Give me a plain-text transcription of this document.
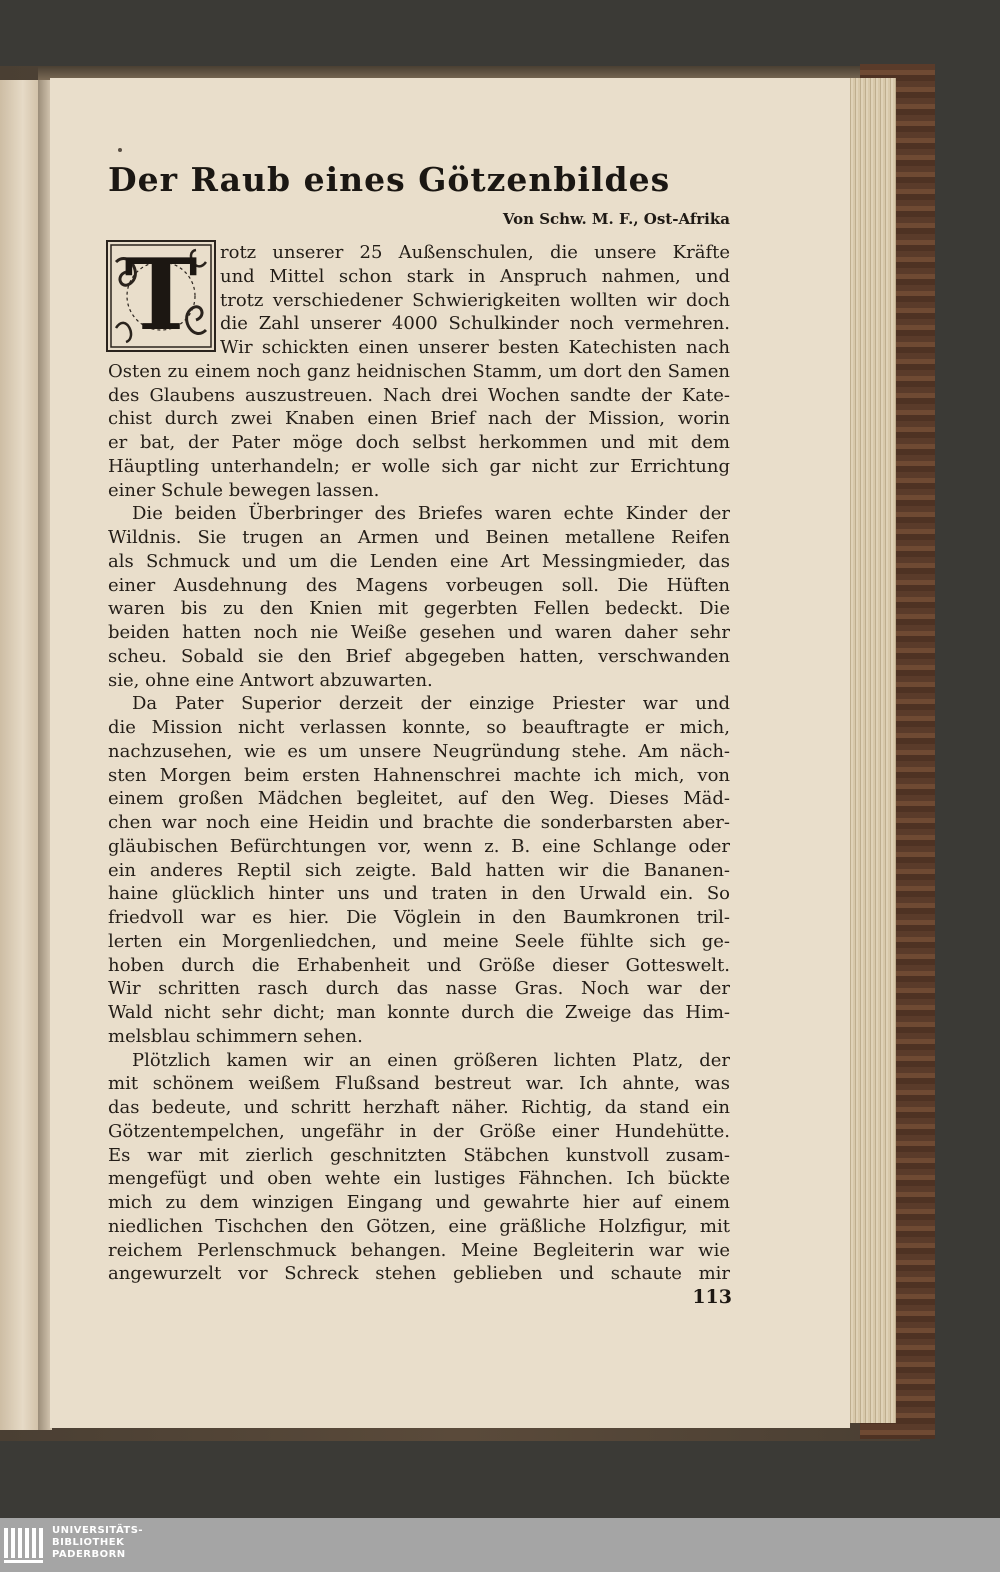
Der Raub eines Götzenbildes
Von Schw. M. F., Ost-Afrika
T	rotz unserer 25 Außenschulen, die unsere Kräfte
und Mittel schon stark in Anspruch nahmen, und
trotz verschiedener Schwierigkeiten wollten wir doch
die Zahl unserer 4000 Schulkinder noch vermehren.
Wir schickten einen unserer besten Katechisten nach
Osten zu einem noch ganz heidnischen Stamm, um dort den Samen
des Glaubens auszustreuen. Nach drei Wochen sandte der Kate-
chist durch zwei Knaben einen Brief nach der Mission, worin
er bat, der Pater möge doch selbst herkommen und mit dem
Häuptling unterhandeln; er wolle sich gar nicht zur Errichtung
einer Schule bewegen lassen.
Die beiden Überbringer des Briefes waren echte Kinder der
Wildnis. Sie trugen an Armen und Beinen metallene Reifen
als Schmuck und um die Lenden eine Art Messingmieder, das
einer Ausdehnung des Magens vorbeugen soll. Die Hüften
waren bis zu den Knien mit gegerbten Fellen bedeckt. Die
beiden hatten noch nie Weiße gesehen und waren daher sehr
scheu. Sobald sie den Brief abgegeben hatten, verschwanden
sie, ohne eine Antwort abzuwarten.
Da Pater Superior derzeit der einzige Priester war und
die Mission nicht verlassen konnte, so beauftragte er mich,
nachzusehen, wie es um unsere Neugründung stehe. Am näch-
sten Morgen beim ersten Hahnenschrei machte ich mich, von
einem großen Mädchen begleitet, auf den Weg. Dieses Mäd-
chen war noch eine Heidin und brachte die sonderbarsten aber-
gläubischen Befürchtungen vor, wenn z. B. eine Schlange oder
ein anderes Reptil sich zeigte. Bald hatten wir die Bananen-
haine glücklich hinter uns und traten in den Urwald ein. So
friedvoll war es hier. Die Vöglein in den Baumkronen tril-
lerten ein Morgenliedchen, und meine Seele fühlte sich ge-
hoben durch die Erhabenheit und Größe dieser Gotteswelt.
Wir schritten rasch durch das nasse Gras. Noch war der
Wald nicht sehr dicht; man konnte durch die Zweige das Him-
melsblau schimmern sehen.
Plötzlich kamen wir an einen größeren lichten Platz, der
mit schönem weißem Flußsand bestreut war. Ich ahnte, was
das bedeute, und schritt herzhaft näher. Richtig, da stand ein
Götzentempelchen, ungefähr in der Größe einer Hundehütte.
Es war mit zierlich geschnitzten Stäbchen kunstvoll zusam-
mengefügt und oben wehte ein lustiges Fähnchen. Ich bückte
mich zu dem winzigen Eingang und gewahrte hier auf einem
niedlichen Tischchen den Götzen, eine gräßliche Holzfigur, mit
reichem Perlenschmuck behangen. Meine Begleiterin war wie
angewurzelt vor Schreck stehen geblieben und schaute mir
113
UNIVERSITÄTS-
BIBLIOTHEK
PADERBORN
